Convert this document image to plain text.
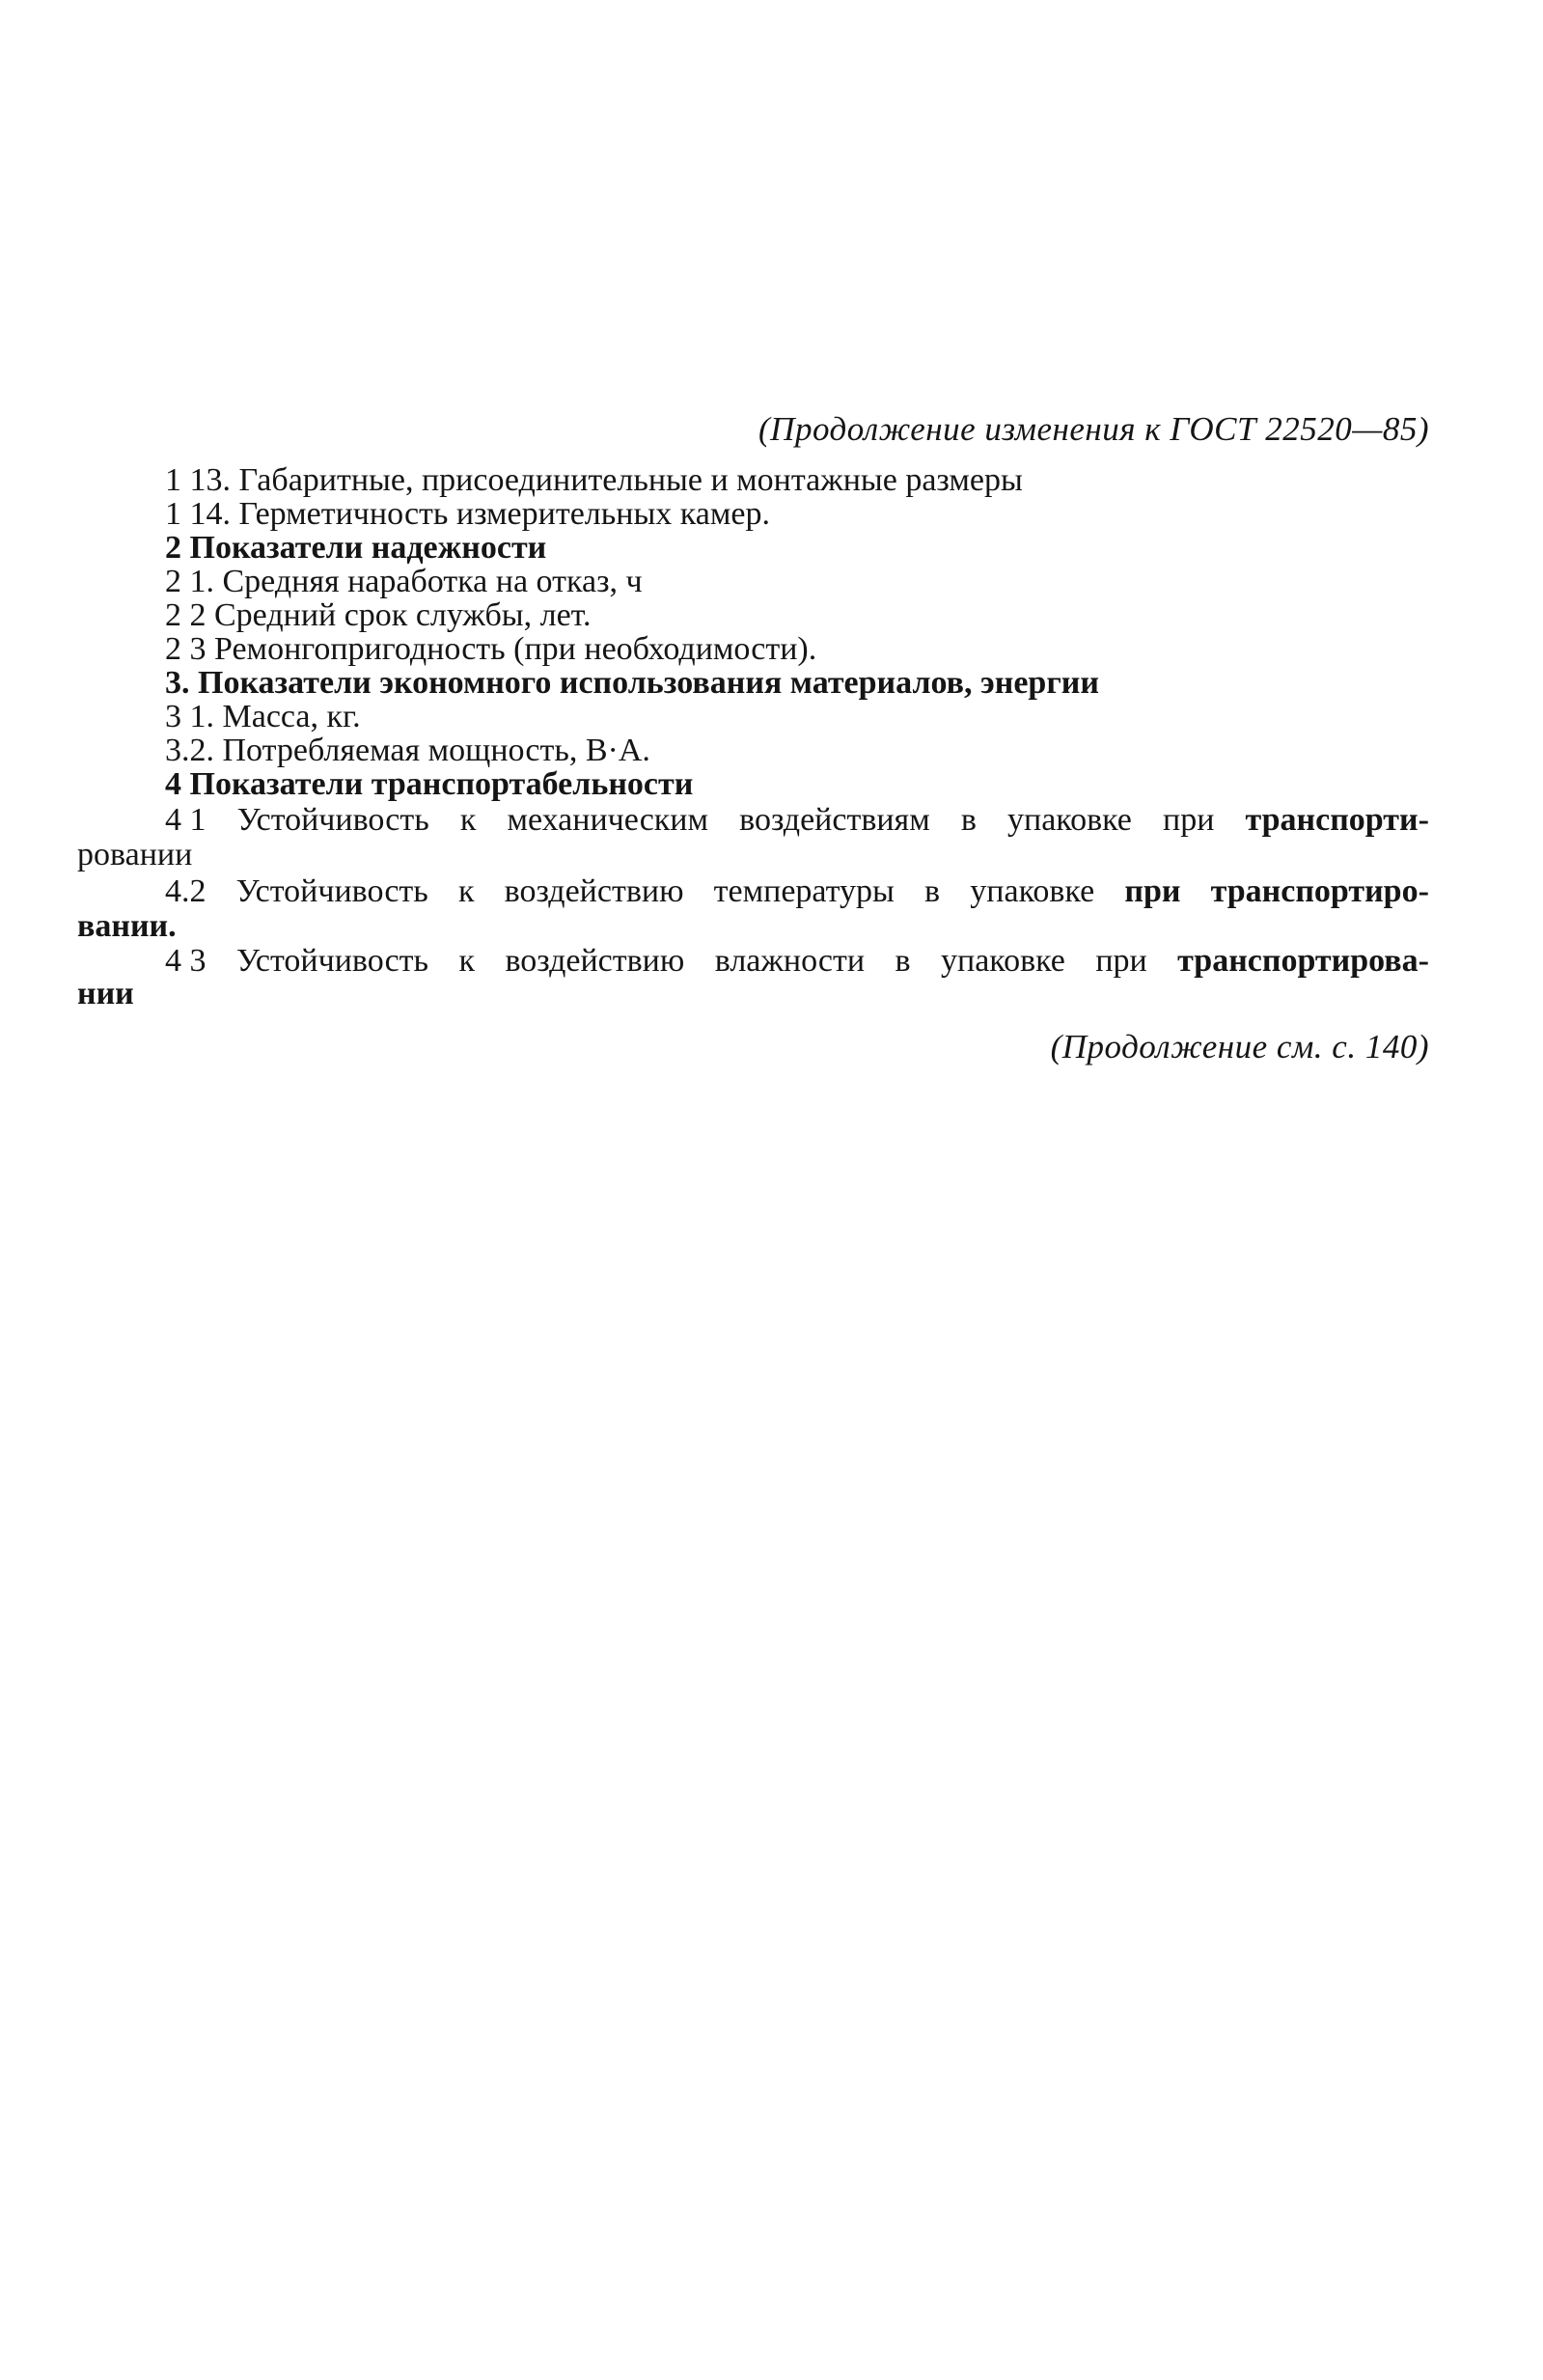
(Продолжение изменения к ГОСТ 22520—85)
1 13. Габаритные, присоединительные и монтажные размеры
1 14. Герметичность измерительных камер.
2 Показатели надежности
2 1. Средняя наработка на отказ, ч
2 2 Средний срок службы, лет.
2 3 Ремонгопригодность (при необходимости).
3. Показатели экономного использования материалов, энергии
3 1. Масса, кг.
3.2. Потребляемая мощность, В·А.
4 Показатели транспортабельности
4 1 Устойчивость к механическим воздействиям в упаковке при транспорти-
ровании
4.2 Устойчивость к воздействию температуры в упаковке при транспортиро-
вании.
4 3 Устойчивость к воздействию влажности в упаковке при транспортирова-
нии
(Продолжение см. с. 140)
